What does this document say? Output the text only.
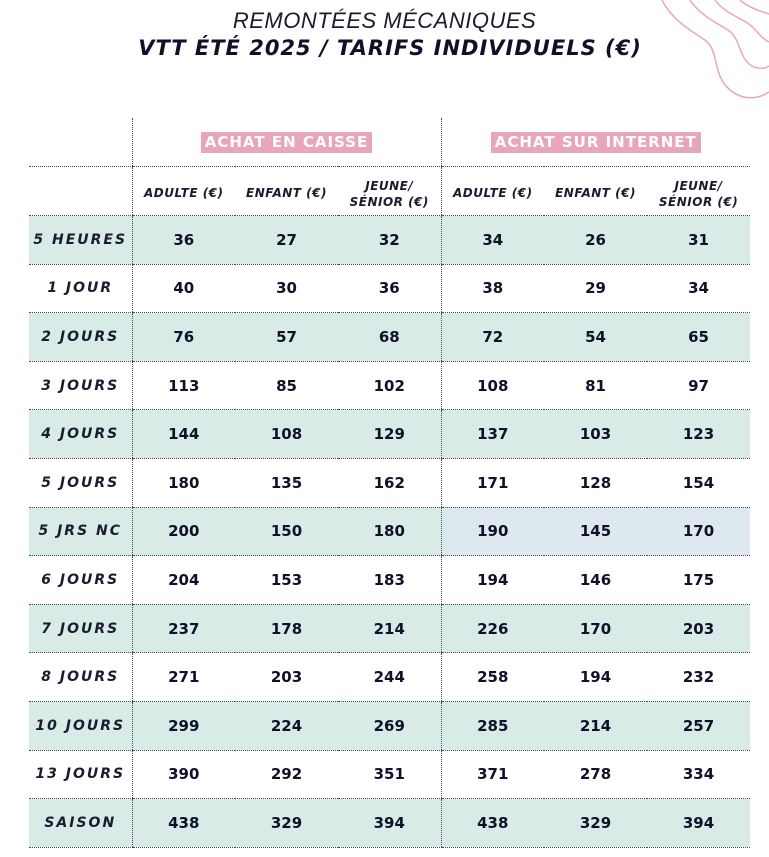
REMONTÉES MÉCANIQUES
VTT ÉTÉ 2025 / TARIFS INDIVIDUELS (€)
	ACHAT EN CAISSE			ACHAT SUR INTERNET		
	ADULTE (€)	ENFANT (€)	JEUNE/
SÉNIOR (€)	ADULTE (€)	ENFANT (€)	JEUNE/
SÉNIOR (€)
5 HEURES	36	27	32	34	26	31
1 JOUR	40	30	36	38	29	34
2 JOURS	76	57	68	72	54	65
3 JOURS	113	85	102	108	81	97
4 JOURS	144	108	129	137	103	123
5 JOURS	180	135	162	171	128	154
5 JRS NC	200	150	180	190	145	170
6 JOURS	204	153	183	194	146	175
7 JOURS	237	178	214	226	170	203
8 JOURS	271	203	244	258	194	232
10 JOURS	299	224	269	285	214	257
13 JOURS	390	292	351	371	278	334
SAISON	438	329	394	438	329	394
